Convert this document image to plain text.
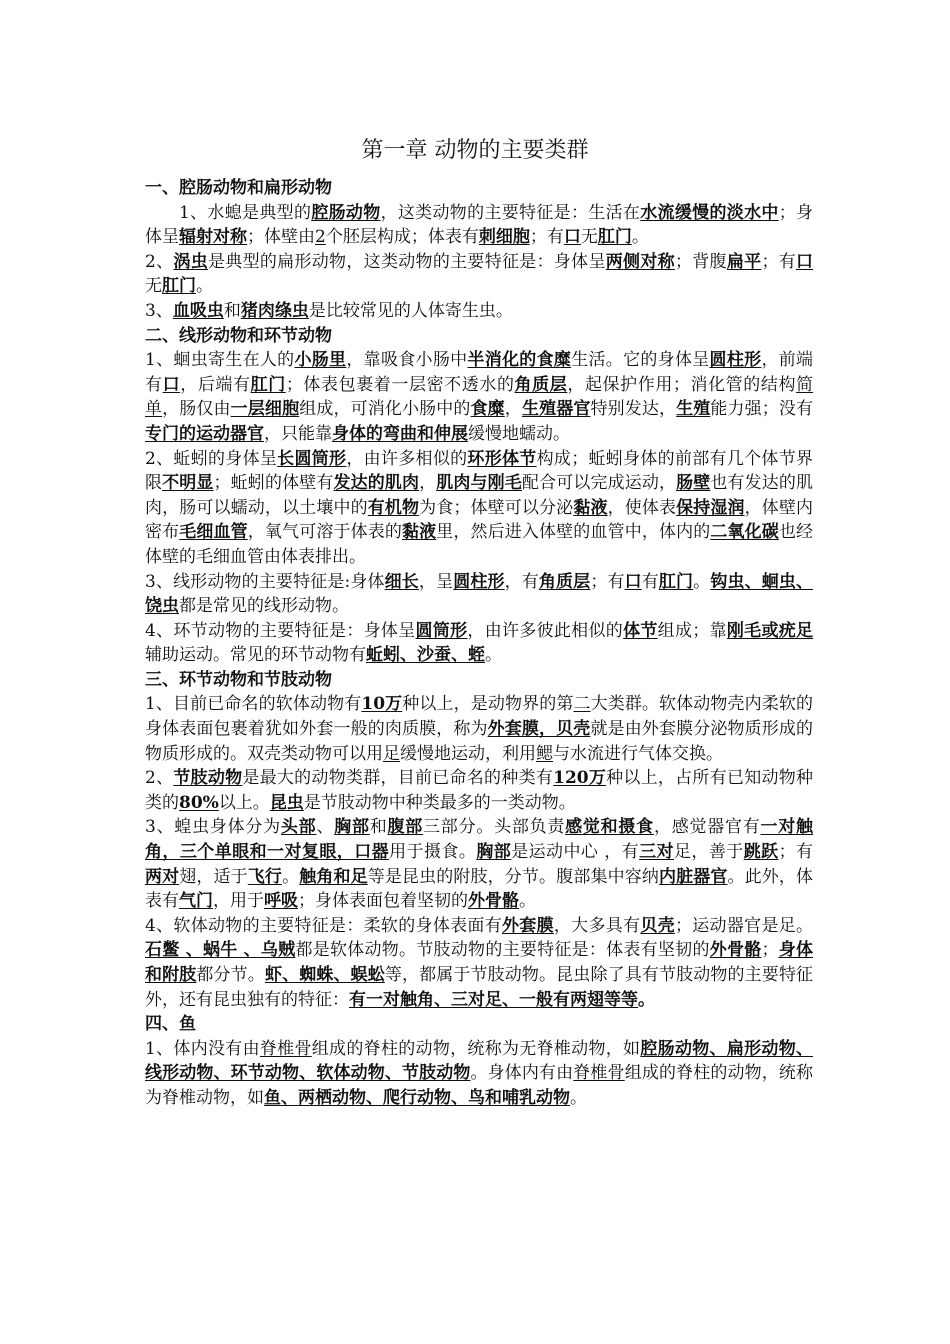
第一章 动物的主要类群
一、腔肠动物和扁形动物

1、水螅是典型的腔肠动物，这类动物的主要特征是：生活在水流缓慢的淡水中；身体呈辐射对称；体壁由2个胚层构成；体表有刺细胞；有口无肛门。

2、涡虫是典型的扁形动物，这类动物的主要特征是：身体呈两侧对称；背腹扁平；有口无肛门。

3、血吸虫和猪肉绦虫是比较常见的人体寄生虫。

二、线形动物和环节动物

1、蛔虫寄生在人的小肠里，靠吸食小肠中半消化的食糜生活。它的身体呈圆柱形，前端有口，后端有肛门；体表包裹着一层密不透水的角质层，起保护作用；消化管的结构简单，肠仅由一层细胞组成，可消化小肠中的食糜，生殖器官特别发达，生殖能力强；没有专门的运动器官，只能靠身体的弯曲和伸展缓慢地蠕动。

2、蚯蚓的身体呈长圆筒形，由许多相似的环形体节构成；蚯蚓身体的前部有几个体节界限不明显；蚯蚓的体壁有发达的肌肉，肌肉与刚毛配合可以完成运动，肠壁也有发达的肌肉，肠可以蠕动，以土壤中的有机物为食；体壁可以分泌黏液，使体表保持湿润，体壁内密布毛细血管，氧气可溶于体表的黏液里，然后进入体壁的血管中，体内的二氧化碳也经体壁的毛细血管由体表排出。

3、线形动物的主要特征是:身体细长，呈圆柱形，有角质层；有口有肛门。钩虫、蛔虫、饶虫都是常见的线形动物。

4、环节动物的主要特征是：身体呈圆筒形，由许多彼此相似的体节组成；靠刚毛或疣足辅助运动。常见的环节动物有蚯蚓、沙蚕、蛭。

三、环节动物和节肢动物

1、目前已命名的软体动物有10万种以上，是动物界的第二大类群。软体动物壳内柔软的身体表面包裹着犹如外套一般的肉质膜，称为外套膜，贝壳就是由外套膜分泌物质形成的物质形成的。双壳类动物可以用足缓慢地运动，利用鳃与水流进行气体交换。

2、节肢动物是最大的动物类群，目前已命名的种类有120万种以上，占所有已知动物种类的80%以上。昆虫是节肢动物中种类最多的一类动物。

3、蝗虫身体分为头部、胸部和腹部三部分。头部负责感觉和摄食，感觉器官有一对触角，三个单眼和一对复眼，口器用于摄食。胸部是运动中心 ，有三对足，善于跳跃；有两对翅，适于飞行。触角和足等是昆虫的附肢，分节。腹部集中容纳内脏器官。此外，体表有气门，用于呼吸；身体表面包着坚韧的外骨骼。

4、软体动物的主要特征是：柔软的身体表面有外套膜，大多具有贝壳；运动器官是足。石鳖 、蜗牛 、乌贼都是软体动物。节肢动物的主要特征是：体表有坚韧的外骨骼；身体和附肢都分节。虾、蜘蛛、蜈蚣等，都属于节肢动物。昆虫除了具有节肢动物的主要特征外，还有昆虫独有的特征：有一对触角、三对足、一般有两翅等等。

四、鱼

1、体内没有由脊椎骨组成的脊柱的动物，统称为无脊椎动物，如腔肠动物、扁形动物、线形动物、环节动物、软体动物、节肢动物。身体内有由脊椎骨组成的脊柱的动物，统称为脊椎动物，如鱼、两栖动物、爬行动物、鸟和哺乳动物。
